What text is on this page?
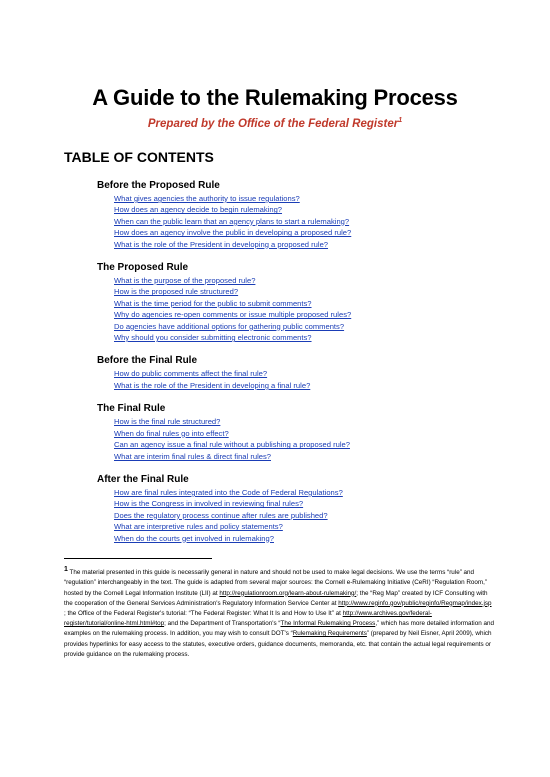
A Guide to the Rulemaking Process
Prepared by the Office of the Federal Register$^1$
TABLE OF CONTENTS
Before the Proposed Rule
What gives agencies the authority to issue regulations?
How does an agency decide to begin rulemaking?
When can the public learn that an agency plans to start a rulemaking?
How does an agency involve the public in developing a proposed rule?
What is the role of the President in developing a proposed rule?
The Proposed Rule
What is the purpose of the proposed rule?
How is the proposed rule structured?
What is the time period for the public to submit comments?
Why do agencies re-open comments or issue multiple proposed rules?
Do agencies have additional options for gathering public comments?
Why should you consider submitting electronic comments?
Before the Final Rule
How do public comments affect the final rule?
What is the role of the President in developing a final rule?
The Final Rule
How is the final rule structured?
When do final rules go into effect?
Can an agency issue a final rule without a publishing a proposed rule?
What are interim final rules & direct final rules?
After the Final Rule
How are final rules integrated into the Code of Federal Regulations?
How is the Congress in involved in reviewing final rules?
Does the regulatory process continue after rules are published?
What are interpretive rules and policy statements?
When do the courts get involved in rulemaking?
$^1$ The material presented in this guide is necessarily general in nature and should not be used to make legal decisions. We use the terms “rule” and “regulation” interchangeably in the text. The guide is adapted from several major sources: the Cornell e-Rulemaking Initiative (CeRI) “Regulation Room,” hosted by the Cornell Legal Information Institute (LII) at http://regulationroom.org/learn-about-rulemaking/; the “Reg Map” created by ICF Consulting with the cooperation of the General Services Administration's Regulatory Information Service Center at http://www.reginfo.gov/public/reginfo/Regmap/index.jsp ; the Office of the Federal Register's tutorial: “The Federal Register: What It Is and How to Use It” at http://www.archives.gov/federal-register/tutorial/online-html.html#top; and the Department of Transportation's “The Informal Rulemaking Process,” which has more detailed information and examples on the rulemaking process. In addition, you may wish to consult DOT's “Rulemaking Requirements” (prepared by Neil Eisner, April 2009), which provides hyperlinks for easy access to the statutes, executive orders, guidance documents, memoranda, etc. that contain the actual legal requirements or provide guidance on the rulemaking process.
